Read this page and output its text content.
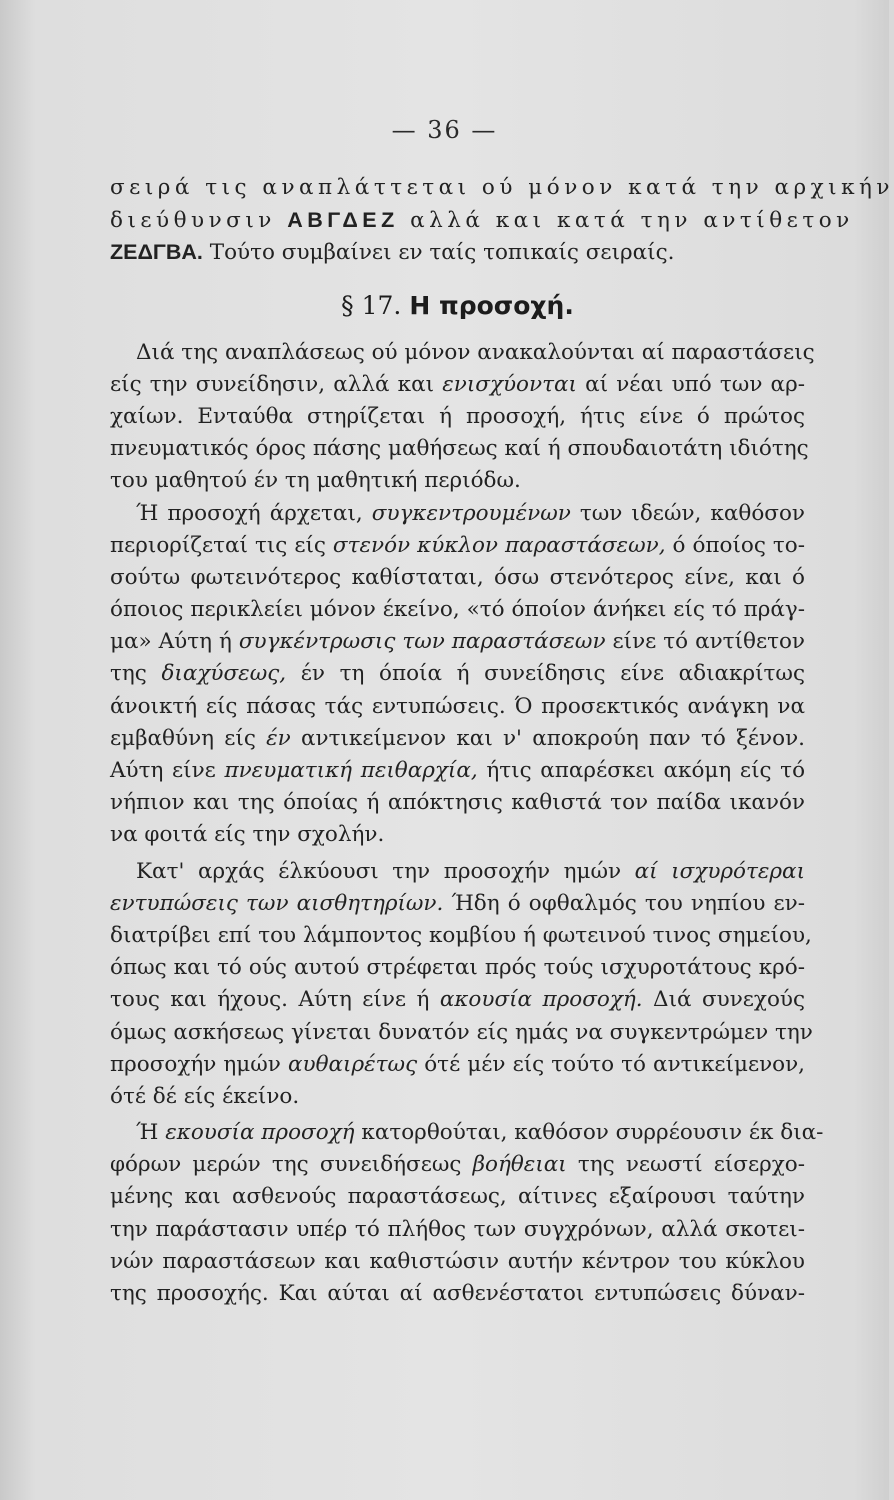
— 36 —
σειρά τις αναπλάττεται ού μόνον κατά την αρχικήν
διεύθυνσιν ΑΒΓΔΕΖ αλλά και κατά την αντίθετον
ΖΕΔΓΒΑ. Τούτο συμβαίνει εν ταίς τοπικαίς σειραίς.
§ 17. Η προσοχή.
Διά της αναπλάσεως ού μόνον ανακαλούνται αί παραστάσεις
είς την συνείδησιν, αλλά και ενισχύονται αί νέαι υπό των αρ-
χαίων. Ενταύθα στηρίζεται ή προσοχή, ήτις είνε ό πρώτος
πνευματικός όρος πάσης μαθήσεως καί ή σπουδαιοτάτη ιδιότης
του μαθητού έν τη μαθητική περιόδω.
Ή προσοχή άρχεται, συγκεντρουμένων των ιδεών, καθόσον
περιορίζεταί τις είς στενόν κύκλον παραστάσεων, ό όποίος το-
σούτω φωτεινότερος καθίσταται, όσω στενότερος είνε, και ό
όποιος περικλείει μόνον έκείνο, «τό όποίον άνήκει είς τό πράγ-
μα» Αύτη ή συγκέντρωσις των παραστάσεων είνε τό αντίθετον
της διαχύσεως, έν τη όποία ή συνείδησις είνε αδιακρίτως
άνοικτή είς πάσας τάς εντυπώσεις. Ό προσεκτικός ανάγκη να
εμβαθύνη είς έν αντικείμενον και ν' αποκρούη παν τό ξένον.
Αύτη είνε πνευματική πειθαρχία, ήτις απαρέσκει ακόμη είς τό
νήπιον και της όποίας ή απόκτησις καθιστά τον παίδα ικανόν
να φοιτά είς την σχολήν.
Κατ' αρχάς έλκύουσι την προσοχήν ημών αί ισχυρότεραι
εντυπώσεις των αισθητηρίων. Ήδη ό οφθαλμός του νηπίου εν-
διατρίβει επί του λάμποντος κομβίου ή φωτεινού τινος σημείου,
όπως και τό ούς αυτού στρέφεται πρός τούς ισχυροτάτους κρό-
τους και ήχους. Αύτη είνε ή ακουσία προσοχή. Διά συνεχούς
όμως ασκήσεως γίνεται δυνατόν είς ημάς να συγκεντρώμεν την
προσοχήν ημών αυθαιρέτως ότέ μέν είς τούτο τό αντικείμενον,
ότέ δέ είς έκείνο.
Ή εκουσία προσοχή κατορθούται, καθόσον συρρέουσιν έκ δια-
φόρων μερών της συνειδήσεως βοήθειαι της νεωστί είσερχο-
μένης και ασθενούς παραστάσεως, αίτινες εξαίρουσι ταύτην
την παράστασιν υπέρ τό πλήθος των συγχρόνων, αλλά σκοτει-
νών παραστάσεων και καθιστώσιν αυτήν κέντρον του κύκλου
της προσοχής. Και αύται αί ασθενέστατοι εντυπώσεις δύναν-
